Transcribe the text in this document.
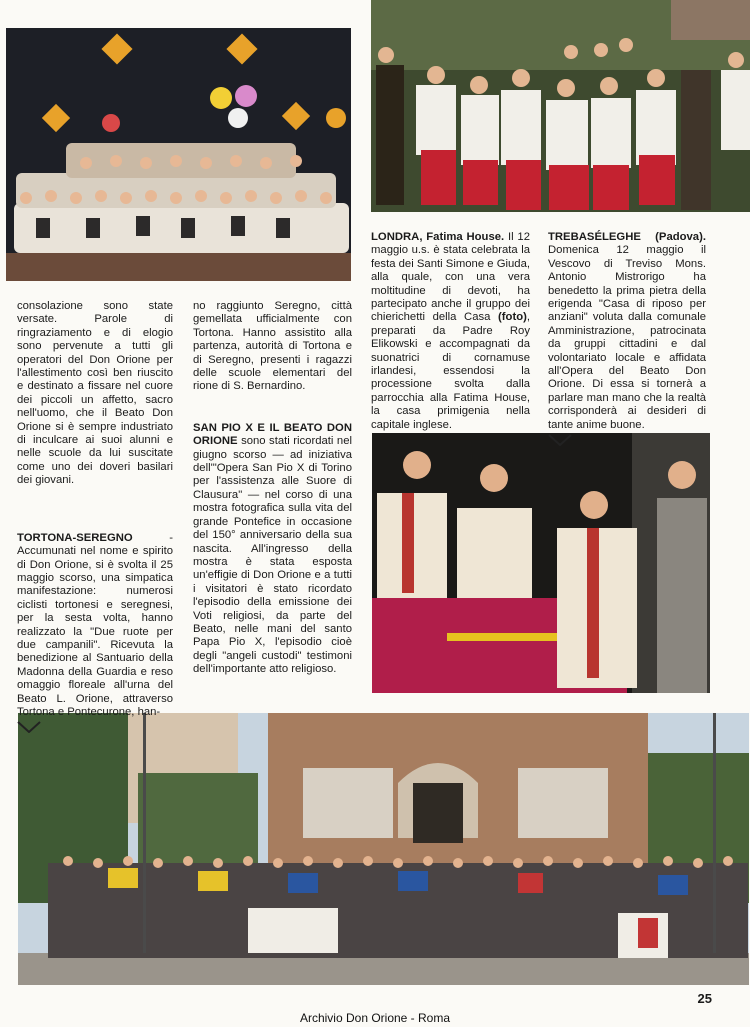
consolazione sono state versate. Parole di ringraziamento e di elogio sono pervenute a tutti gli operatori del Don Orione per l'allestimento così ben riuscito e destinato a fissare nel cuore dei piccoli un affetto, sacro nell'uomo, che il Beato Don Orione si è sempre industriato di inculcare ai suoi alunni e nelle scuole da lui suscitate come uno dei doveri basilari dei giovani.

TORTONA-SEREGNO - Accumunati nel nome e spirito di Don Orione, si è svolta il 25 maggio scorso, una simpatica manifestazione: numerosi ciclisti tortonesi e seregnesi, per la sesta volta, hanno realizzato la "Due ruote per due campanili". Ricevuta la benedizione al Santuario della Madonna della Guardia e reso omaggio floreale all'urna del Beato L. Orione, attraverso Tortona e Pontecurone, han-

no raggiunto Seregno, città gemellata ufficialmente con Tortona. Hanno assistito alla partenza, autorità di Tortona e di Seregno, presenti i ragazzi delle scuole elementari del rione di S. Bernardino.

SAN PIO X E IL BEATO DON ORIONE sono stati ricordati nel giugno scorso — ad iniziativa dell'"Opera San Pio X di Torino per l'assistenza alle Suore di Clausura" — nel corso di una mostra fotografica sulla vita del grande Pontefice in occasione del 150° anniversario della sua nascita. All'ingresso della mostra è stata esposta un'effigie di Don Orione e a tutti i visitatori è stato ricordato l'episodio della emissione dei Voti religiosi, da parte del Beato, nelle mani del santo Papa Pio X, l'episodio cioè degli "angeli custodi" testimoni dell'importante atto religioso.

LONDRA, Fatima House. Il 12 maggio u.s. è stata celebrata la festa dei Santi Simone e Giuda, alla quale, con una vera moltitudine di devoti, ha partecipato anche il gruppo dei chierichetti della Casa (foto), preparati da Padre Roy Elikowski e accompagnati da suonatrici di cornamuse irlandesi, essendosi la processione svolta dalla parrocchia alla Fatima House, la casa primigenia nella capitale inglese.

TREBASÉLEGHE (Padova). Domenica 12 maggio il Vescovo di Treviso Mons. Antonio Mistrorigo ha benedetto la prima pietra della erigenda "Casa di riposo per anziani" voluta dalla comunale Amministrazione, patrocinata da gruppi cittadini e dal volontariato locale e affidata all'Opera del Beato Don Orione. Di essa si tornerà a parlare man mano che la realtà corrisponderà ai desideri di tante anime buone.

25
Archivio Don Orione - Roma
